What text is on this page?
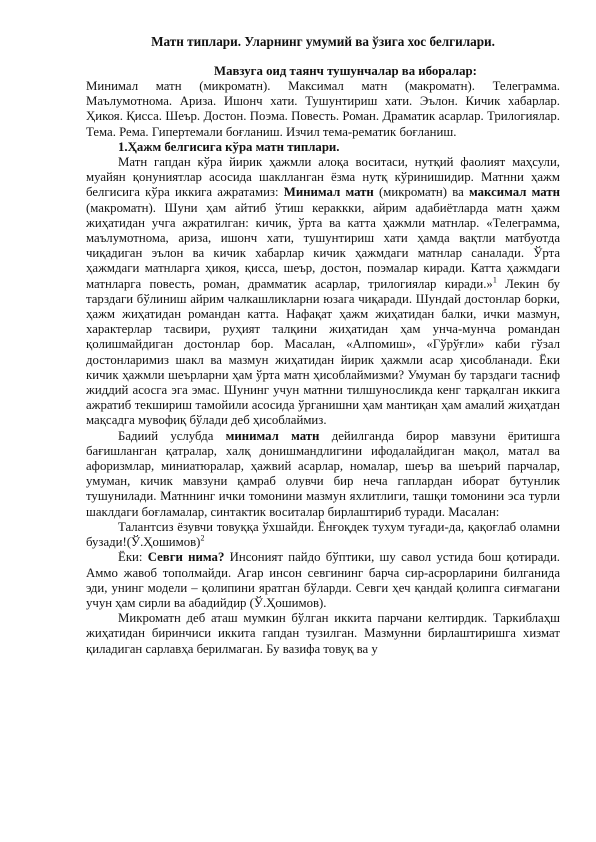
Матн типлари. Уларнинг умумий ва ўзига хос белгилари.
Мавзуга оид таянч тушунчалар ва иборалар:

Минимал матн (микроматн). Максимал матн (макроматн). Телеграмма. Маълумотнома. Ариза. Ишонч хати. Тушунтириш хати. Эълон. Кичик хабарлар. Ҳикоя. Қисса. Шеър. Достон. Поэма. Повесть. Роман. Драматик асарлар. Трилогиялар. Тема. Рема. Гипертемали боғланиш. Изчил тема-рематик боғланиш.

1.Ҳажм белгисига кўра матн типлари.

Матн гапдан кўра йирик ҳажмли алоқа воситаси, нутқий фаолият маҳсули, муайян қонуниятлар асосида шаклланган ёзма нутқ кўринишидир. Матнни ҳажм белгисига кўра иккига ажратамиз: Минимал матн (микроматн) ва максимал матн (макроматн). Шуни ҳам айтиб ўтиш кераккки, айрим адабиётларда матн ҳажм жиҳатидан учга ажратилган: кичик, ўрта ва катта ҳажмли матнлар. «Телеграмма, маълумотнома, ариза, ишонч хати, тушунтириш хати ҳамда вақтли матбуотда чиқадиган эълон ва кичик хабарлар кичик ҳажмдаги матнлар саналади. Ўрта ҳажмдаги матнларга ҳикоя, қисса, шеър, достон, поэмалар киради. Катта ҳажмдаги матнларга повесть, роман, драмматик асарлар, трилогиялар киради.»$^1$ Лекин бу тарздаги бўлиниш айрим чалкашликларни юзага чиқаради. Шундай достонлар борки, ҳажм жиҳатидан романдан катта. Нафақат ҳажм жиҳатидан балки, ички мазмун, характерлар тасвири, руҳият талқини жиҳатидан ҳам унча-мунча романдан қолишмайдиган достонлар бор. Масалан, «Алпомиш», «Гўрўғли» каби гўзал достонларимиз шакл ва мазмун жиҳатидан йирик ҳажмли асар ҳисобланади. Ёки кичик ҳажмли шеърларни ҳам ўрта матн ҳисоблаймизми? Умуман бу тарздаги тасниф жиддий асосга эга эмас. Шунинг учун матнни тилшуносликда кенг тарқалган иккига ажратиб текшириш тамойили асосида ўрганишни ҳам мантиқан ҳам амалий жиҳатдан мақсадга мувофиқ бўлади деб ҳисоблаймиз.

Бадиий услубда минимал матн дейилганда бирор мавзуни ёритишга бағишланган қатралар, халқ донишмандлигини ифодалайдиган мақол, матал ва афоризмлар, миниатюралар, ҳажвий асарлар, номалар, шеър ва шеърий парчалар, умуман, кичик мавзуни қамраб олувчи бир неча гаплардан иборат бутунлик тушунилади. Матннинг ички томонини мазмун яхлитлиги, ташқи томонини эса турли шаклдаги боғламалар, синтактик воситалар бирлаштириб туради. Масалан:

Талантсиз ёзувчи товуққа ўхшайди. Ёнғоқдек тухум туғади-да, қақоғлаб оламни бузади!(Ў.Ҳошимов)$^2$

Ёки: Севги нима? Инсоният пайдо бўптики, шу савол устида бош қотиради. Аммо жавоб тополмайди. Агар инсон севгининг барча сир-асрорларини билганида эди, унинг модели – қолипини яратган бўларди. Севги ҳеч қандай қолипга сиғмагани учун ҳам сирли ва абадийдир (Ў.Ҳошимов).

Микроматн деб аташ мумкин бўлган иккита парчани келтирдик. Таркиблаҳш жиҳатидан биринчиси иккита гапдан тузилган. Мазмунни бирлаштиришга хизмат қиладиган сарлавҳа берилмаган. Бу вазифа товуқ ва у
